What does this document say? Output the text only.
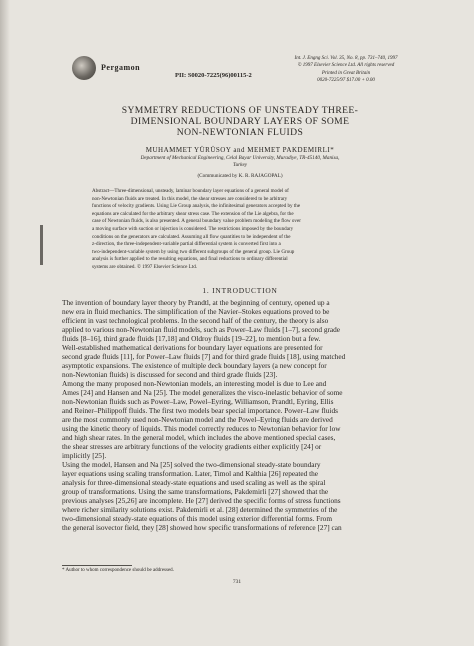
Pergamon
PII: S0020-7225(96)00115-2
Int. J. Engng Sci. Vol. 35, No. 8, pp. 731–740, 1997
© 1997 Elsevier Science Ltd. All rights reserved
Printed in Great Britain
0020-7225/97 $17.00 + 0.00
SYMMETRY REDUCTIONS OF UNSTEADY THREE-
DIMENSIONAL BOUNDARY LAYERS OF SOME
NON-NEWTONIAN FLUIDS
MUHAMMET YÜRÜSOY and MEHMET PAKDEMIRLI*
Department of Mechanical Engineering, Celal Bayar University, Muradiye, TR-45140, Manisa,
Turkey
(Communicated by K. R. RAJAGOPAL)
Abstract—Three-dimensional, unsteady, laminar boundary layer equations of a general model of
non-Newtonian fluids are treated. In this model, the shear stresses are considered to be arbitrary
functions of velocity gradients. Using Lie Group analysis, the infinitesimal generators accepted by the
equations are calculated for the arbitrary shear stress case. The extension of the Lie algebra, for the
case of Newtonian fluids, is also presented. A general boundary value problem modeling the flow over
a moving surface with suction or injection is considered. The restrictions imposed by the boundary
conditions on the generators are calculated. Assuming all flow quantities to be independent of the
z-direction, the three-independent-variable partial differential system is converted first into a
two-independent-variable system by using two different subgroups of the general group. Lie Group
analysis is further applied to the resulting equations, and final reductions to ordinary differential
systems are obtained. © 1997 Elsevier Science Ltd.
1. INTRODUCTION
The invention of boundary layer theory by Prandtl, at the beginning of century, opened up a
new era in fluid mechanics. The simplification of the Navier–Stokes equations proved to be
efficient in vast technological problems. In the second half of the century, the theory is also
applied to various non-Newtonian fluid models, such as Power–Law fluids [1–7], second grade
fluids [8–16], third grade fluids [17,18] and Oldroy fluids [19–22], to mention but a few.
Well-established mathematical derivations for boundary layer equations are presented for
second grade fluids [11], for Power–Law fluids [7] and for third grade fluids [18], using matched
asymptotic expansions. The existence of multiple deck boundary layers (a new concept for
non-Newtonian fluids) is discussed for second and third grade fluids [23].
Among the many proposed non-Newtonian models, an interesting model is due to Lee and
Ames [24] and Hansen and Na [25]. The model generalizes the visco-inelastic behavior of some
non-Newtonian fluids such as Power–Law, Powel–Eyring, Williamson, Prandtl, Eyring, Ellis
and Reiner–Philippoff fluids. The first two models bear special importance. Power–Law fluids
are the most commonly used non-Newtonian model and the Powel–Eyring fluids are derived
using the kinetic theory of liquids. This model correctly reduces to Newtonian behavior for low
and high shear rates. In the general model, which includes the above mentioned special cases,
the shear stresses are arbitrary functions of the velocity gradients either explicitly [24] or
implicitly [25].
Using the model, Hansen and Na [25] solved the two-dimensional steady-state boundary
layer equations using scaling transformation. Later, Timol and Kalthia [26] repeated the
analysis for three-dimensional steady-state equations and used scaling as well as the spiral
group of transformations. Using the same transformations, Pakdemirli [27] showed that the
previous analyses [25,26] are incomplete. He [27] derived the specific forms of stress functions
where richer similarity solutions exist. Pakdemirli et al. [28] determined the symmetries of the
two-dimensional steady-state equations of this model using exterior differential forms. From
the general isovector field, they [28] showed how specific transformations of reference [27] can
* Author to whom correspondence should be addressed.
731
